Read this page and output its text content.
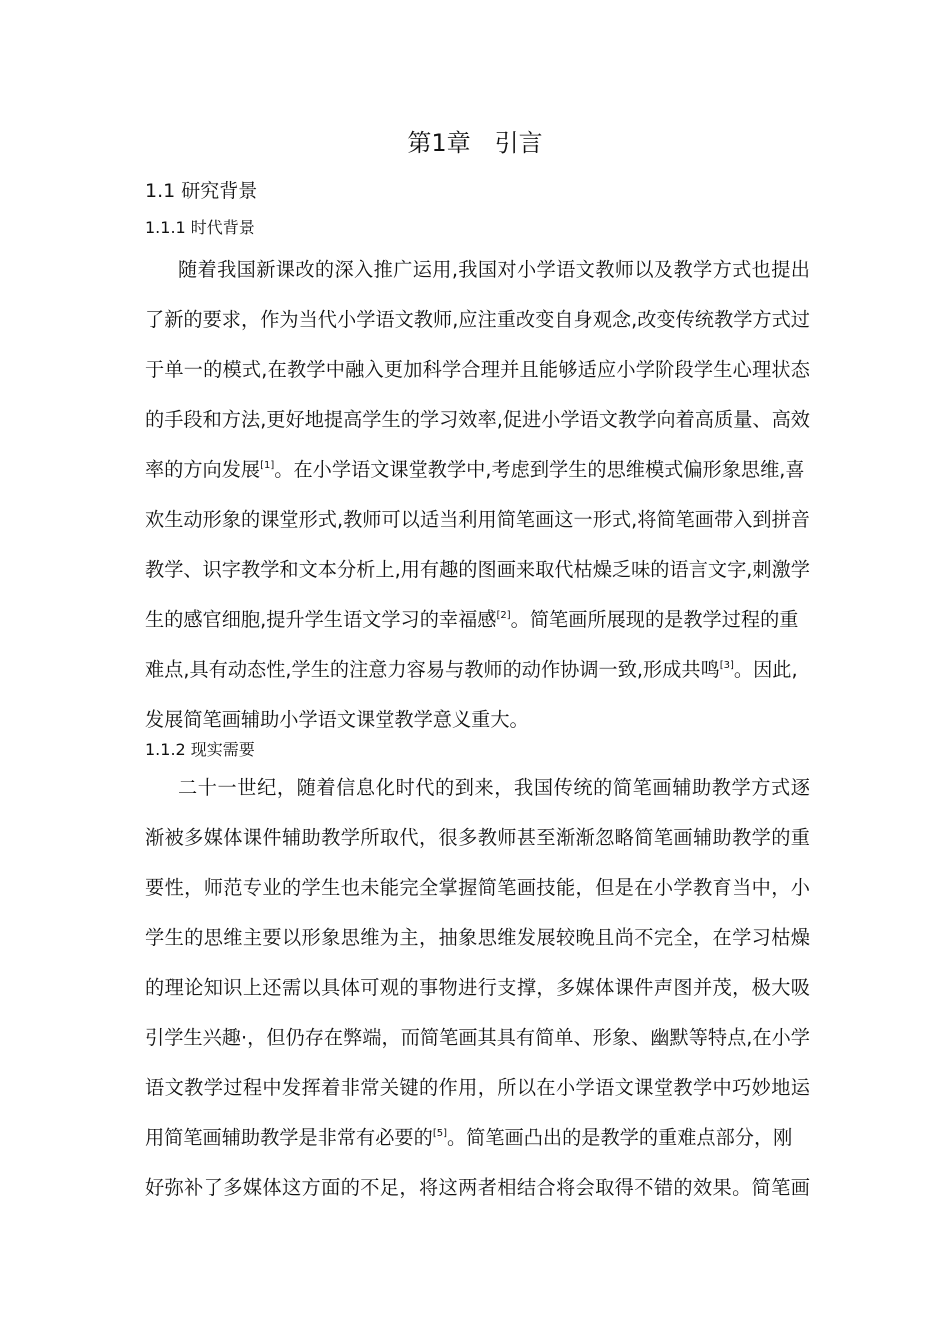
第1章　引言
1.1 研究背景
1.1.1 时代背景
随着我国新课改的深入推广运用,我国对小学语文教师以及教学方式也提出
了新的要求，作为当代小学语文教师,应注重改变自身观念,改变传统教学方式过
于单一的模式,在教学中融入更加科学合理并且能够适应小学阶段学生心理状态
的手段和方法,更好地提高学生的学习效率,促进小学语文教学向着高质量、高效
率的方向发展[1]。在小学语文课堂教学中,考虑到学生的思维模式偏形象思维,喜
欢生动形象的课堂形式,教师可以适当利用简笔画这一形式,将简笔画带入到拼音
教学、识字教学和文本分析上,用有趣的图画来取代枯燥乏味的语言文字,刺激学
生的感官细胞,提升学生语文学习的幸福感[2]。简笔画所展现的是教学过程的重
难点,具有动态性,学生的注意力容易与教师的动作协调一致,形成共鸣[3]。因此,
发展简笔画辅助小学语文课堂教学意义重大。
1.1.2 现实需要
二十一世纪，随着信息化时代的到来，我国传统的简笔画辅助教学方式逐
渐被多媒体课件辅助教学所取代，很多教师甚至渐渐忽略简笔画辅助教学的重
要性，师范专业的学生也未能完全掌握简笔画技能，但是在小学教育当中，小
学生的思维主要以形象思维为主，抽象思维发展较晚且尚不完全，在学习枯燥
的理论知识上还需以具体可观的事物进行支撑，多媒体课件声图并茂，极大吸
引学生兴趣·，但仍存在弊端，而简笔画其具有简单、形象、幽默等特点,在小学
语文教学过程中发挥着非常关键的作用，所以在小学语文课堂教学中巧妙地运
用简笔画辅助教学是非常有必要的[5]。简笔画凸出的是教学的重难点部分，刚
好弥补了多媒体这方面的不足，将这两者相结合将会取得不错的效果。简笔画
